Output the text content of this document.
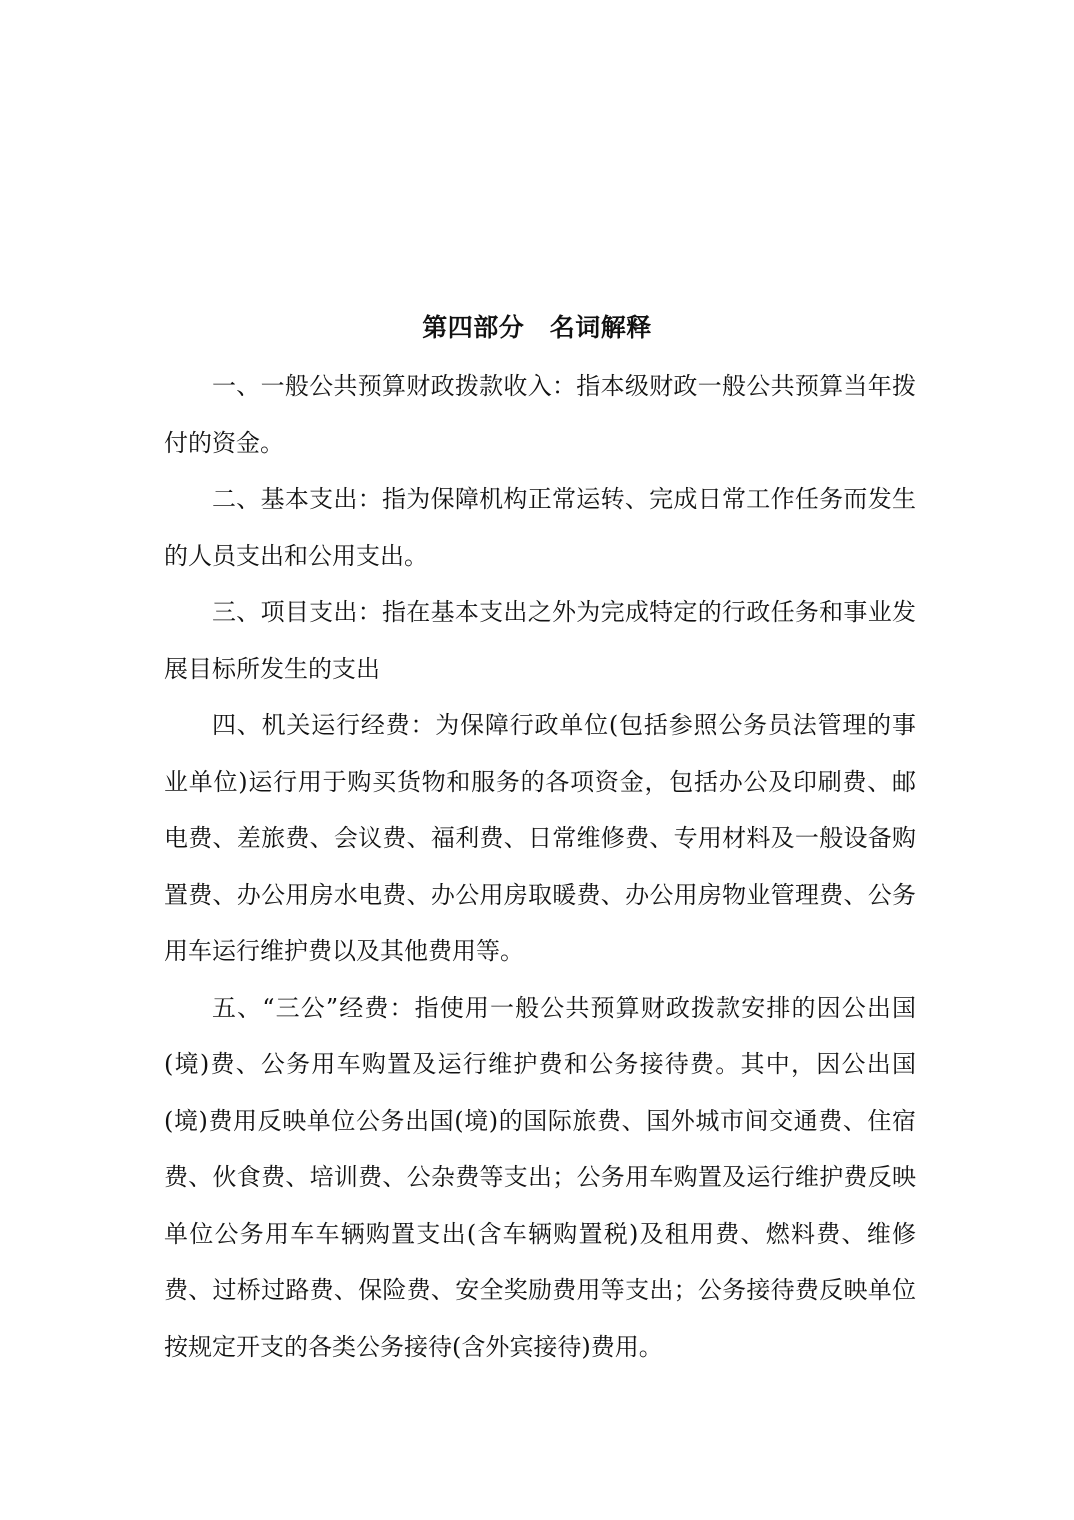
第四部分　名词解释

一、一般公共预算财政拨款收入：指本级财政一般公共预算当年拨付的资金。

二、基本支出：指为保障机构正常运转、完成日常工作任务而发生的人员支出和公用支出。

三、项目支出：指在基本支出之外为完成特定的行政任务和事业发展目标所发生的支出

四、机关运行经费：为保障行政单位(包括参照公务员法管理的事业单位)运行用于购买货物和服务的各项资金，包括办公及印刷费、邮电费、差旅费、会议费、福利费、日常维修费、专用材料及一般设备购置费、办公用房水电费、办公用房取暖费、办公用房物业管理费、公务用车运行维护费以及其他费用等。

五、“三公”经费：指使用一般公共预算财政拨款安排的因公出国(境)费、公务用车购置及运行维护费和公务接待费。其中，因公出国(境)费用反映单位公务出国(境)的国际旅费、国外城市间交通费、住宿费、伙食费、培训费、公杂费等支出；公务用车购置及运行维护费反映单位公务用车车辆购置支出(含车辆购置税)及租用费、燃料费、维修费、过桥过路费、保险费、安全奖励费用等支出；公务接待费反映单位按规定开支的各类公务接待(含外宾接待)费用。
